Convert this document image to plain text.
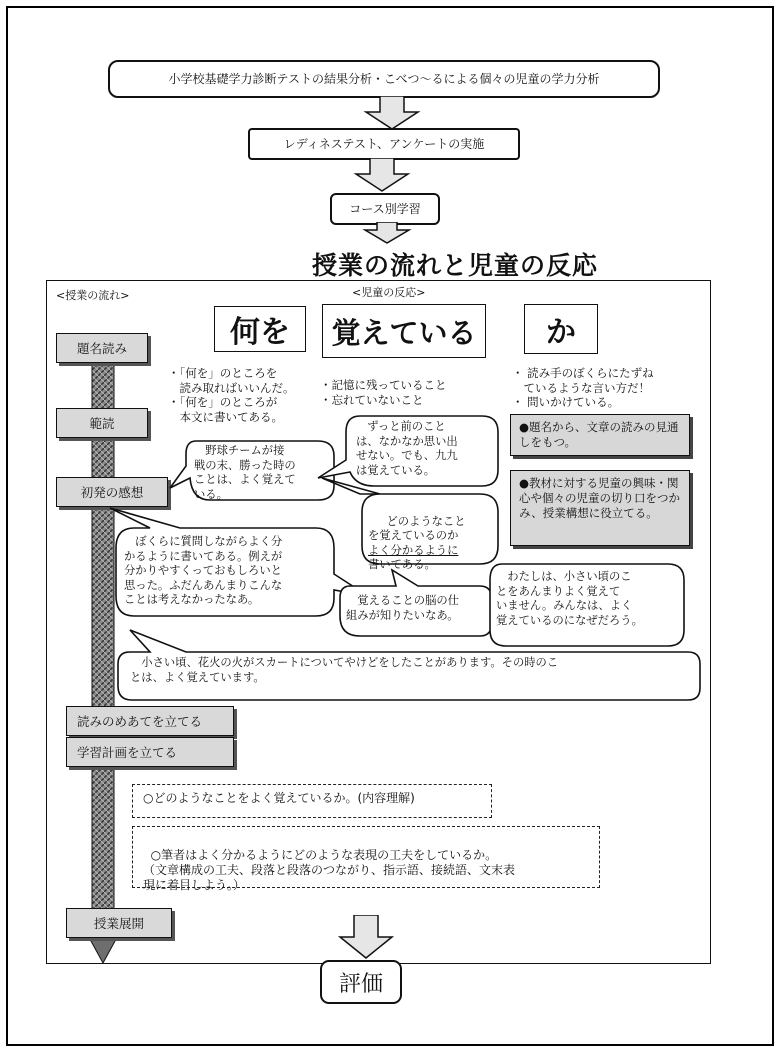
小学校基礎学力診断テストの結果分析・こべつ～るによる個々の児童の学力分析
レディネステスト、アンケートの実施
コース別学習
授業の流れと児童の反応
<授業の流れ>	<児童の反応>
題名読み
範読
初発の感想
読みのめあてを立てる
学習計画を立てる
授業展開
何を	覚えている	か
・「何を」のところを
　読み取ればいいんだ。
・「何を」のところが
　本文に書いてある。
・記憶に残っていること
・忘れていないこと
・ 読み手のぼくらにたずね
　ているような言い方だ！
・ 問いかけている。
●題名から、文章の読みの見通しをもつ。
●教材に対する児童の興味・関心や個々の児童の切り口をつかみ、授業構想に役立てる。
　野球チームが接
戦の末、勝った時の
ことは、よく覚えて
いる。
　ずっと前のこと
は、なかなか思い出
せない。でも、九九
は覚えている。

　どのようなこと
を覚えているのか
よく分かるように
書いてある。

　ぼくらに質問しながらよく分
かるように書いてある。例えが
分かりやすくっておもしろいと
思った。ふだんあんまりこんな
ことは考えなかったなあ。	　覚えることの脳の仕
組みが知りたいなあ。
　わたしは、小さい頃のこ
とをあんまりよく覚えて
いません。みんなは、よく
覚えているのになぜだろう。
　小さい頃、花火の火がスカートについてやけどをしたことがあります。その時のこ
とは、よく覚えています。
○どのようなことをよく覚えているか。(内容理解)

○筆者はよく分かるようにどのような表現の工夫をしているか。
（文章構成の工夫、段落と段落のつながり、指示語、接続語、文末表
現に着目しよう。）

評価
